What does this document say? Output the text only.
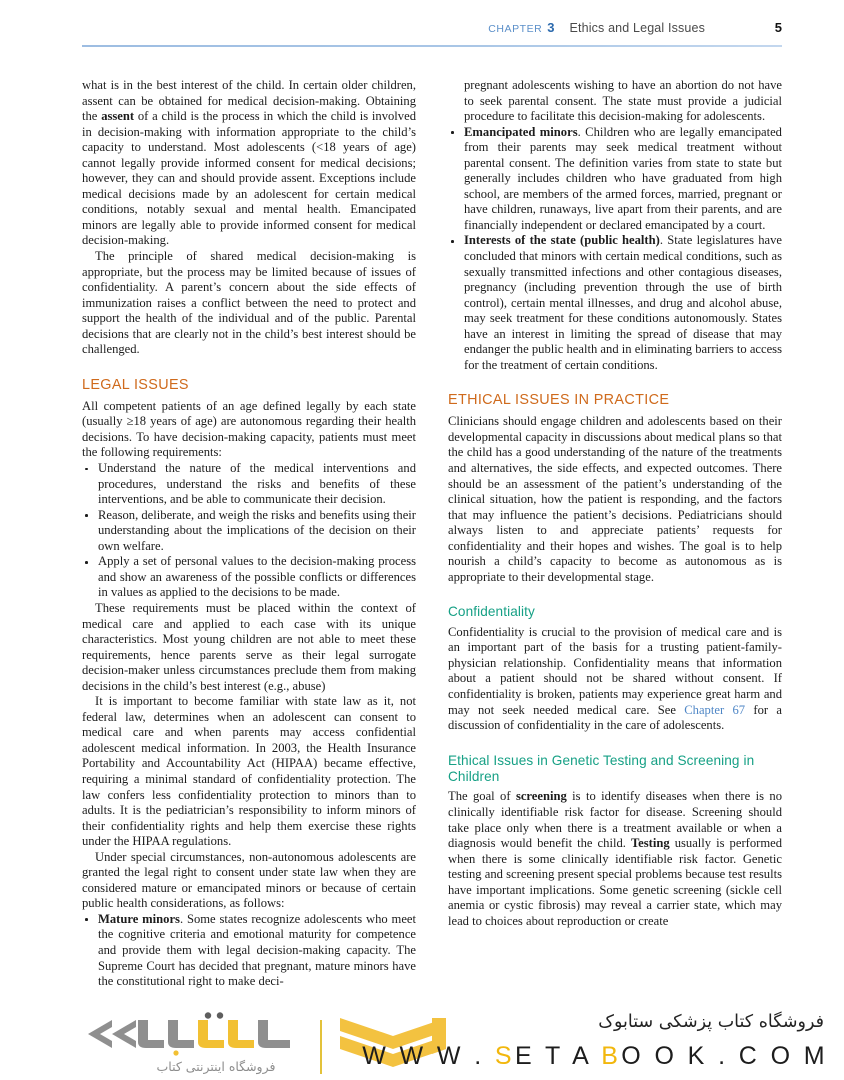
CHAPTER 3 Ethics and Legal Issues	5

what is in the best interest of the child. In certain older children, assent can be obtained for medical decision-making. Obtaining the assent of a child is the process in which the child is involved in decision-making with information appropriate to the child’s capacity to understand. Most adolescents (<18 years of age) cannot legally provide informed consent for medical decisions; however, they can and should provide assent. Exceptions include medical decisions made by an adolescent for certain medical conditions, notably sexual and mental health. Emancipated minors are legally able to provide informed consent for medical decision-making.

The principle of shared medical decision-making is appropriate, but the process may be limited because of issues of confidentiality. A parent’s concern about the side effects of immunization raises a conflict between the need to protect and support the health of the individual and of the public. Parental decisions that are clearly not in the child’s best interest should be challenged.

LEGAL ISSUES

All competent patients of an age defined legally by each state (usually ≥18 years of age) are autonomous regarding their health decisions. To have decision-making capacity, patients must meet the following requirements:

Understand the nature of the medical interventions and procedures, understand the risks and benefits of these interventions, and be able to communicate their decision.
Reason, deliberate, and weigh the risks and benefits using their understanding about the implications of the decision on their own welfare.
Apply a set of personal values to the decision-making process and show an awareness of the possible conflicts or differences in values as applied to the decisions to be made.

These requirements must be placed within the context of medical care and applied to each case with its unique characteristics. Most young children are not able to meet these requirements, hence parents serve as their legal surrogate decision-maker unless circumstances preclude them from making decisions in the child’s best interest (e.g., abuse)

It is important to become familiar with state law as it, not federal law, determines when an adolescent can consent to medical care and when parents may access confidential adolescent medical information. In 2003, the Health Insurance Portability and Accountability Act (HIPAA) became effective, requiring a minimal standard of confidentiality protection. The law confers less confidentiality protection to minors than to adults. It is the pediatrician’s responsibility to inform minors of their confidentiality rights and help them exercise these rights under the HIPAA regulations.

Under special circumstances, non-autonomous adolescents are granted the legal right to consent under state law when they are considered mature or emancipated minors or because of certain public health considerations, as follows:

Mature minors. Some states recognize adolescents who meet the cognitive criteria and emotional maturity for competence and provide them with legal decision-making capacity. The Supreme Court has decided that pregnant, mature minors have the constitutional right to make deci-

pregnant adolescents wishing to have an abortion do not have to seek parental consent. The state must provide a judicial procedure to facilitate this decision-making for adolescents.

Emancipated minors. Children who are legally emancipated from their parents may seek medical treatment without parental consent. The definition varies from state to state but generally includes children who have graduated from high school, are members of the armed forces, married, pregnant or have children, runaways, live apart from their parents, and are financially independent or declared emancipated by a court.
Interests of the state (public health). State legislatures have concluded that minors with certain medical conditions, such as sexually transmitted infections and other contagious diseases, pregnancy (including prevention through the use of birth control), certain mental illnesses, and drug and alcohol abuse, may seek treatment for these conditions autonomously. States have an interest in limiting the spread of disease that may endanger the public health and in eliminating barriers to access for the treatment of certain conditions.
ETHICAL ISSUES IN PRACTICE

Clinicians should engage children and adolescents based on their developmental capacity in discussions about medical plans so that the child has a good understanding of the nature of the treatments and alternatives, the side effects, and expected outcomes. There should be an assessment of the patient’s understanding of the clinical situation, how the patient is responding, and the factors that may influence the patient’s decisions. Pediatricians should always listen to and appreciate patients’ requests for confidentiality and their hopes and wishes. The goal is to help nourish a child’s capacity to become as autonomous as is appropriate to their developmental stage.

Confidentiality

Confidentiality is crucial to the provision of medical care and is an important part of the basis for a trusting patient-family-physician relationship. Confidentiality means that information about a patient should not be shared without consent. If confidentiality is broken, patients may experience great harm and may not seek needed medical care. See Chapter 67 for a discussion of confidentiality in the care of adolescents.

Ethical Issues in Genetic Testing and Screening in Children

The goal of screening is to identify diseases when there is no clinically identifiable risk factor for disease. Screening should take place only when there is a treatment available or when a diagnosis would benefit the child. Testing usually is performed when there is some clinically identifiable risk factor. Genetic testing and screening present special problems because test results have important implications. Some genetic screening (sickle cell anemia or cystic fibrosis) may reveal a carrier state, which may lead to choices about reproduction or create

فروشگاه اینترنتی کتاب
فروشگاه کتاب پزشکی ستابوک
W W W . SE T A BO O K . C O M
